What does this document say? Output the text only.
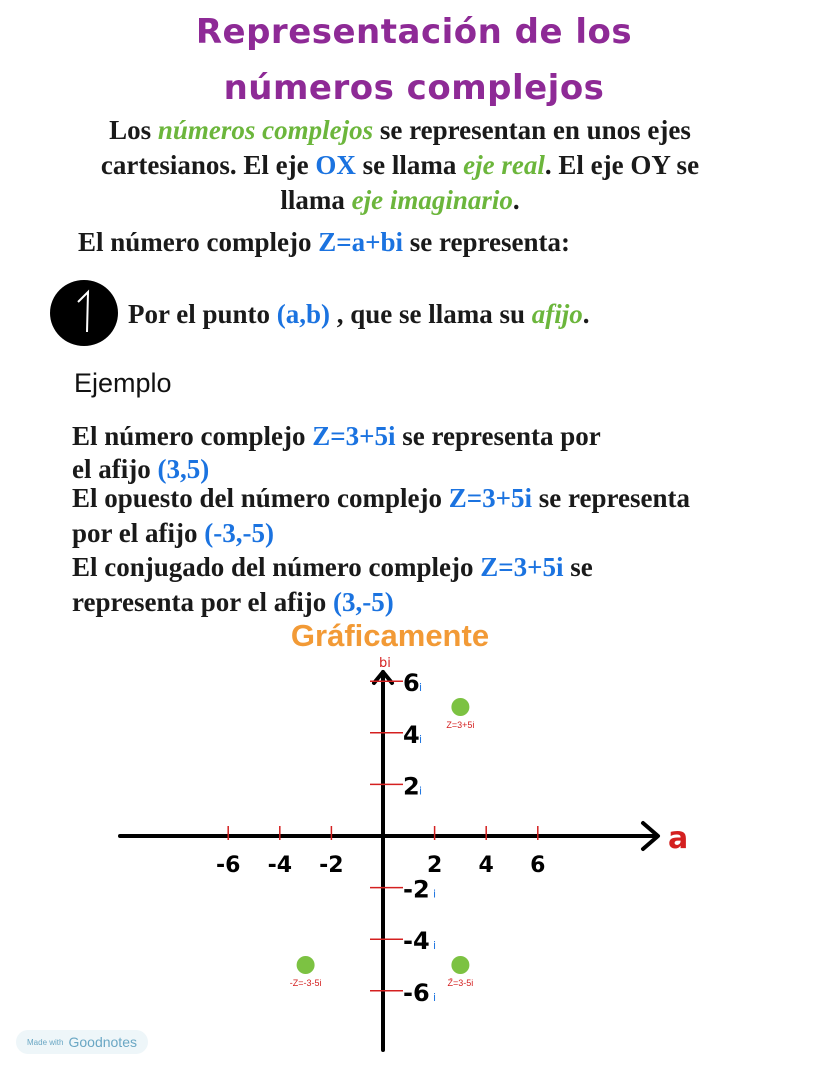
Representación de los
números complejos
Los números complejos se representan en unos ejes
cartesianos. El eje OX se llama eje real. El eje OY se
llama eje imaginario.
El número complejo Z=a+bi se representa:
Por el punto (a,b) , que se llama su afijo.
Ejemplo
El número complejo Z=3+5i se representa por
el afijo (3,5)
El opuesto del número complejo Z=3+5i se representa
por el afijo (-3,-5)
El conjugado del número complejo Z=3+5i se
representa por el afijo (3,-5)
Gráficamente
a
bi
-6 -4 -2	2 4 6
6 i
4 i
2 i
-2 i
-4 i
-6 i
Z=3+5i
-Z=-3-5i	Z̄=3-5i
Made with Goodnotes
